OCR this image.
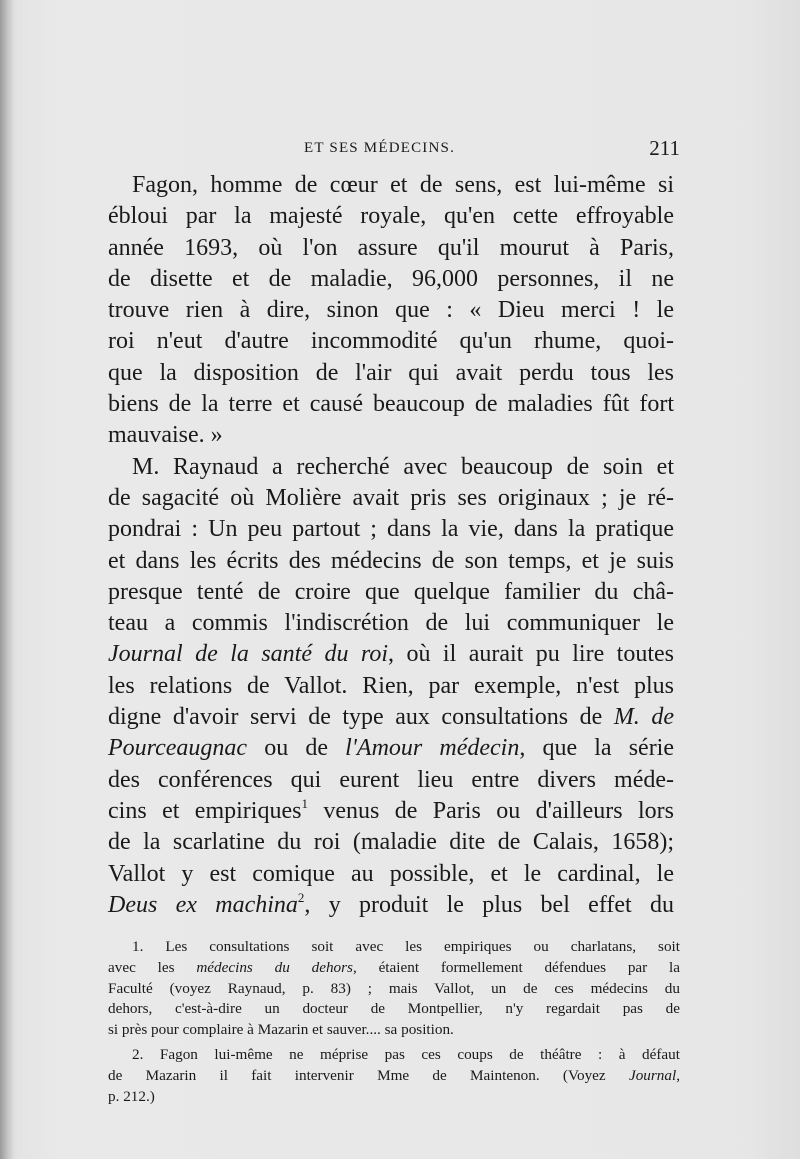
ET SES MÉDECINS.	211
Fagon, homme de cœur et de sens, est lui-même si
ébloui par la majesté royale, qu'en cette effroyable
année 1693, où l'on assure qu'il mourut à Paris,
de disette et de maladie, 96,000 personnes, il ne
trouve rien à dire, sinon que : « Dieu merci ! le
roi n'eut d'autre incommodité qu'un rhume, quoi-
que la disposition de l'air qui avait perdu tous les
biens de la terre et causé beaucoup de maladies fût fort
mauvaise. »
M. Raynaud a recherché avec beaucoup de soin et
de sagacité où Molière avait pris ses originaux ; je ré-
pondrai : Un peu partout ; dans la vie, dans la pratique
et dans les écrits des médecins de son temps, et je suis
presque tenté de croire que quelque familier du châ-
teau a commis l'indiscrétion de lui communiquer le
Journal de la santé du roi, où il aurait pu lire toutes
les relations de Vallot. Rien, par exemple, n'est plus
digne d'avoir servi de type aux consultations de M. de
Pourceaugnac ou de l'Amour médecin, que la série
des conférences qui eurent lieu entre divers méde-
cins et empiriques$^1$ venus de Paris ou d'ailleurs lors
de la scarlatine du roi (maladie dite de Calais, 1658);
Vallot y est comique au possible, et le cardinal, le
Deus ex machina$^2$, y produit le plus bel effet du
1. Les consultations soit avec les empiriques ou charlatans, soit
avec les médecins du dehors, étaient formellement défendues par la
Faculté (voyez Raynaud, p. 83) ; mais Vallot, un de ces médecins du
dehors, c'est-à-dire un docteur de Montpellier, n'y regardait pas de
si près pour complaire à Mazarin et sauver.... sa position.
2. Fagon lui-même ne méprise pas ces coups de théâtre : à défaut
de Mazarin il fait intervenir Mme de Maintenon. (Voyez Journal,
p. 212.)
